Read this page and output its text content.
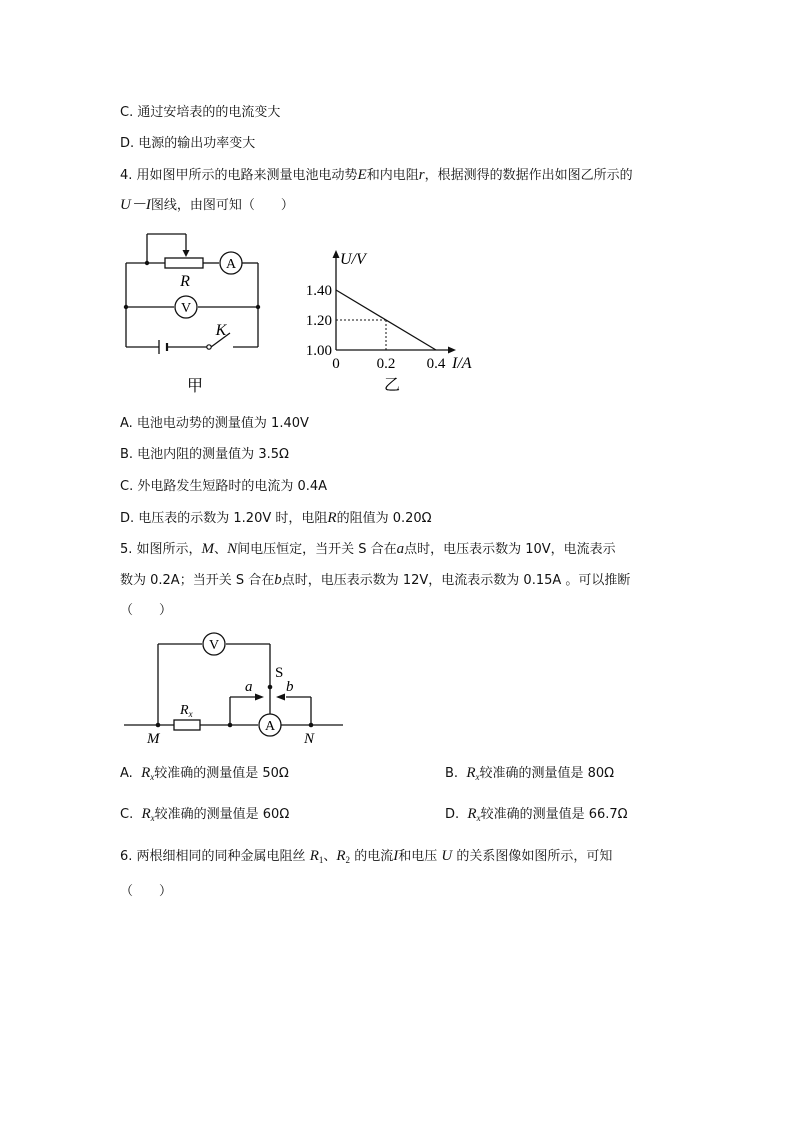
C. 通过安培表的的电流变大
D. 电源的输出功率变大
4. 用如图甲所示的电路来测量电池电动势E和内电阻r，根据测得的数据作出如图乙所示的
U－I图线，由图可知（　　）
A
V
R
K
甲
U/V
I/A
1.00
1.20
1.40
0 0.2 0.4
乙
A. 电池电动势的测量值为 1.40V
B. 电池内阻的测量值为 3.5Ω
C. 外电路发生短路时的电流为 0.4A
D. 电压表的示数为 1.20V 时，电阻R的阻值为 0.20Ω
5. 如图所示，M、N间电压恒定，当开关 S 合在a点时，电压表示数为 10V，电流表示
数为 0.2A；当开关 S 合在b点时，电压表示数为 12V，电流表示数为 0.15A 。可以推断
（　　）
V
A
S
a b
$R_x$
M	N
A. $R_x$较准确的测量值是 50Ω	B. $R_x$较准确的测量值是 80Ω
C. $R_x$较准确的测量值是 60Ω	D. $R_x$较准确的测量值是 66.7Ω
6. 两根细相同的同种金属电阻丝 $R_1$、$R_2$ 的电流I和电压 U 的关系图像如图所示，可知
（　　）
